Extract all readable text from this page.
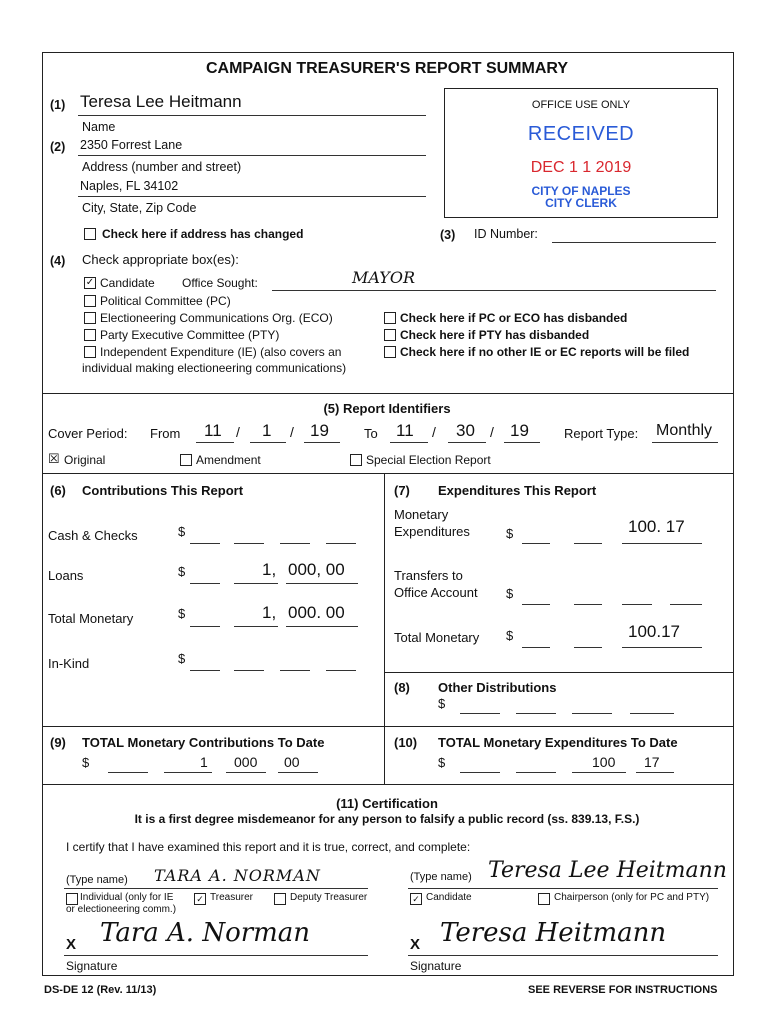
CAMPAIGN TREASURER'S REPORT SUMMARY
(1) Teresa Lee Heitmann
Name
(2) 2350 Forrest Lane
Address (number and street)
Naples, FL 34102
City, State, Zip Code
Check here if address has changed
OFFICE USE ONLY
RECEIVED
DEC 1 1 2019
CITY OF NAPLES
CITY CLERK
(3) ID Number:
(4) Check appropriate box(es):
✓ Candidate Office Sought:	MAYOR
Political Committee (PC)
Electioneering Communications Org. (ECO)
Party Executive Committee (PTY)
Independent Expenditure (IE) (also covers an
individual making electioneering communications)
Check here if PC or ECO has disbanded
Check here if PTY has disbanded
Check here if no other IE or EC reports will be filed
(5) Report Identifiers
Cover Period: From 11 / 1 / 19	To 11 / 30 / 19	Report Type: Monthly
☒ Original	Amendment	Special Election Report
(6) Contributions This Report
Cash & Checks	$
Loans	$	1, 000, 00
Total Monetary	$	1, 000. 00
In-Kind	$
(7) Expenditures This Report
Monetary
Expenditures	$	100. 17
Transfers to
Office Account $
Total Monetary $	100.17
(8) Other Distributions
$
(9) TOTAL Monetary Contributions To Date
$	1 000 00
(10) TOTAL Monetary Expenditures To Date
$	100 17
(11) Certification
It is a first degree misdemeanor for any person to falsify a public record (ss. 839.13, F.S.)
I certify that I have examined this report and it is true, correct, and complete:
(Type name) TARA A. NORMAN
Individual (only for IE
or electioneering comm.)
✓ Treasurer	Deputy Treasurer
X Tara A. Norman
Signature
(Type name) Teresa Lee Heitmann
✓ Candidate	Chairperson (only for PC and PTY)
X Teresa Heitmann
Signature
DS-DE 12 (Rev. 11/13)	SEE REVERSE FOR INSTRUCTIONS
